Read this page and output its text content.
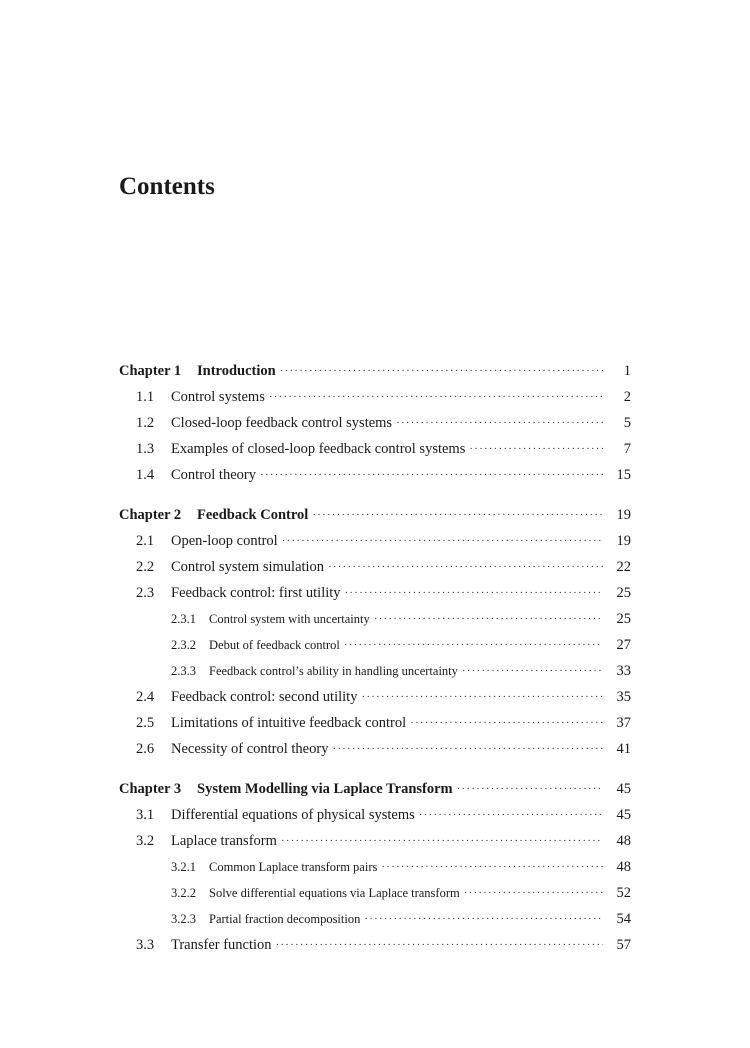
Contents
Chapter 1	Introduction ·····	1
1.1	Control systems ·····	2
1.2	Closed-loop feedback control systems ·····	5
1.3	Examples of closed-loop feedback control systems ·····	7
1.4	Control theory ·····	15
Chapter 2	Feedback Control ·····	19
2.1	Open-loop control ·····	19
2.2	Control system simulation ·····	22
2.3	Feedback control: first utility ·····	25
2.3.1	Control system with uncertainty ·····	25
2.3.2	Debut of feedback control ·····	27
2.3.3	Feedback control’s ability in handling uncertainty ·····	33
2.4	Feedback control: second utility ·····	35
2.5	Limitations of intuitive feedback control ·····	37
2.6	Necessity of control theory ·····	41
Chapter 3	System Modelling via Laplace Transform ·····	45
3.1	Differential equations of physical systems ·····	45
3.2	Laplace transform ·····	48
3.2.1	Common Laplace transform pairs ·····	48
3.2.2	Solve differential equations via Laplace transform ·····	52
3.2.3	Partial fraction decomposition ·····	54
3.3	Transfer function ·····	57
